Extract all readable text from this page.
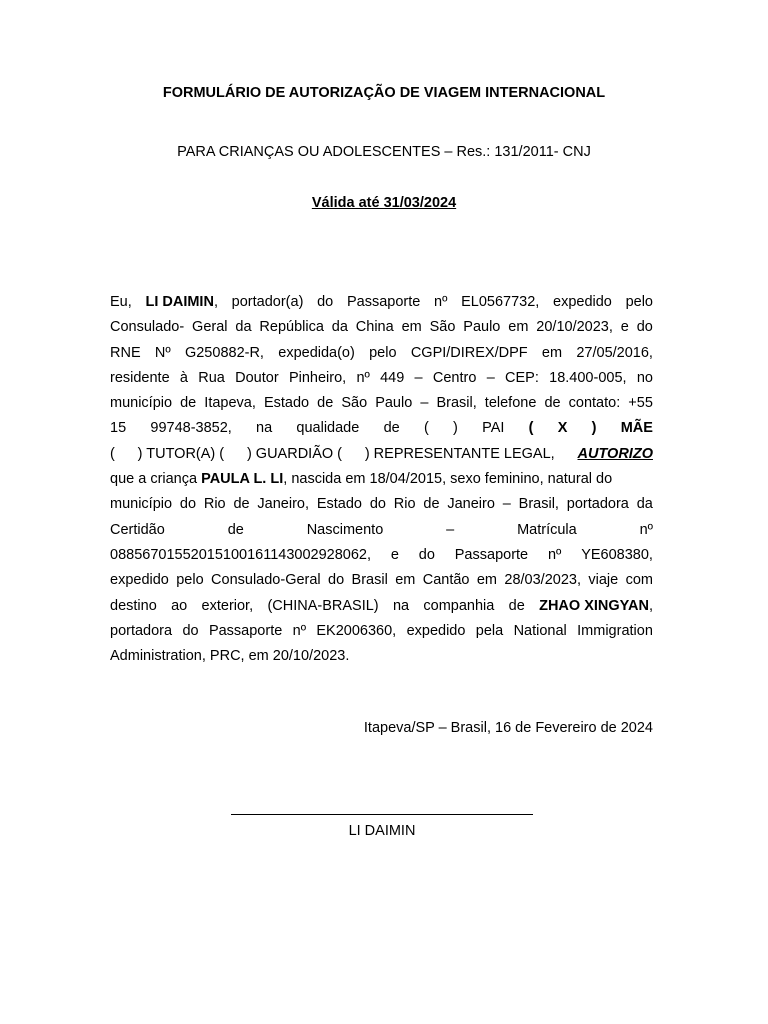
FORMULÁRIO DE AUTORIZAÇÃO DE VIAGEM INTERNACIONAL
PARA CRIANÇAS OU ADOLESCENTES – Res.: 131/2011- CNJ
Válida até 31/03/2024
Eu, LI DAIMIN, portador(a) do Passaporte nº EL0567732, expedido pelo
Consulado- Geral da República da China em São Paulo em 20/10/2023, e do
RNE Nº G250882-R, expedida(o) pelo CGPI/DIREX/DPF em 27/05/2016,
residente à Rua Doutor Pinheiro, nº 449 – Centro – CEP: 18.400-005, no
município de Itapeva, Estado de São Paulo – Brasil, telefone de contato: +55
15 99748-3852, na qualidade de ( ) PAI ( X ) MÃE
( ) TUTOR(A) ( ) GUARDIÃO ( ) REPRESENTANTE LEGAL, AUTORIZO
que a criança PAULA L. LI , nascida em 18/04/2015, sexo feminino, natural do
município do Rio de Janeiro, Estado do Rio de Janeiro – Brasil, portadora da
Certidão	de	Nascimento	–	Matrícula	nº
08856701552015100161143002928062, e do Passaporte nº YE608380,
expedido pelo Consulado-Geral do Brasil em Cantão em 28/03/2023, viaje com
destino ao exterior, (CHINA-BRASIL) na companhia de ZHAO XINGYAN,
portadora do Passaporte nº EK2006360, expedido pela National Immigration
Administration, PRC, em 20/10/2023.
Itapeva/SP – Brasil, 16 de Fevereiro de 2024
LI DAIMIN
